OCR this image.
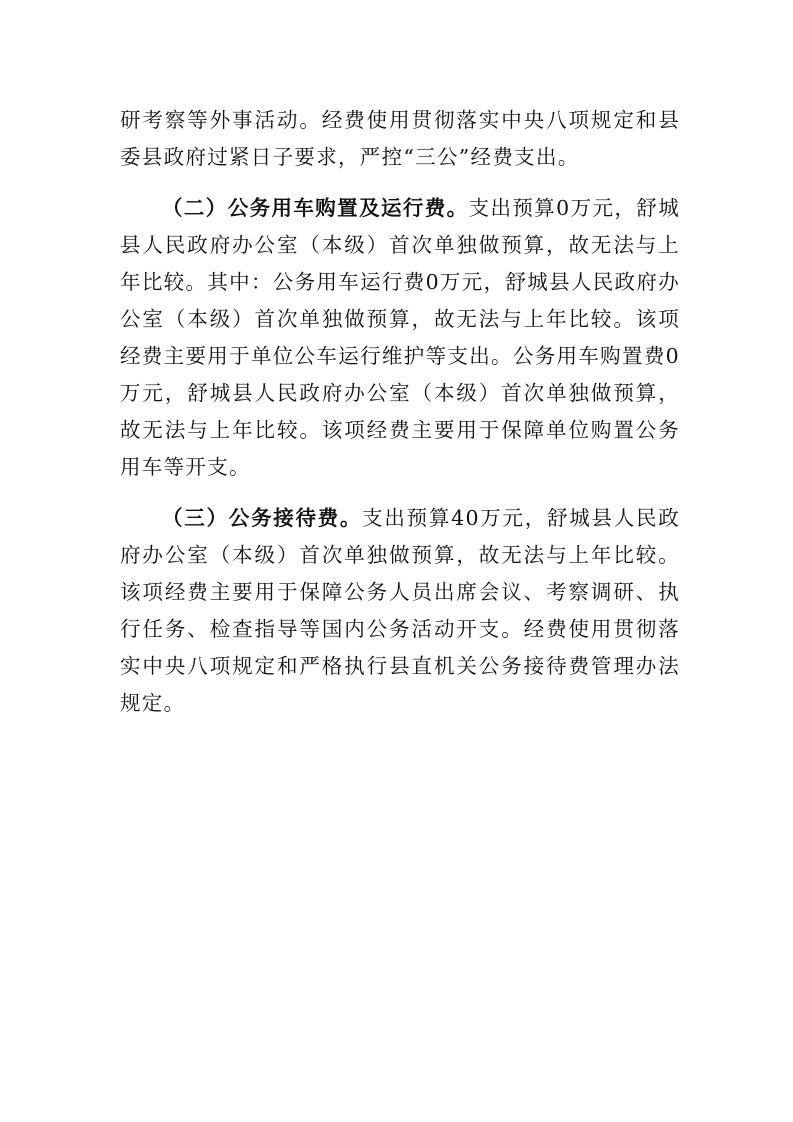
研考察等外事活动。经费使用贯彻落实中央八项规定和县委县政府过紧日子要求，严控“三公”经费支出。

（二）公务用车购置及运行费。支出预算0万元，舒城县人民政府办公室（本级）首次单独做预算，故无法与上年比较。其中：公务用车运行费0万元，舒城县人民政府办公室（本级）首次单独做预算，故无法与上年比较。该项经费主要用于单位公车运行维护等支出。公务用车购置费0万元，舒城县人民政府办公室（本级）首次单独做预算，故无法与上年比较。该项经费主要用于保障单位购置公务用车等开支。

（三）公务接待费。支出预算40万元，舒城县人民政府办公室（本级）首次单独做预算，故无法与上年比较。该项经费主要用于保障公务人员出席会议、考察调研、执行任务、检查指导等国内公务活动开支。经费使用贯彻落实中央八项规定和严格执行县直机关公务接待费管理办法规定。
